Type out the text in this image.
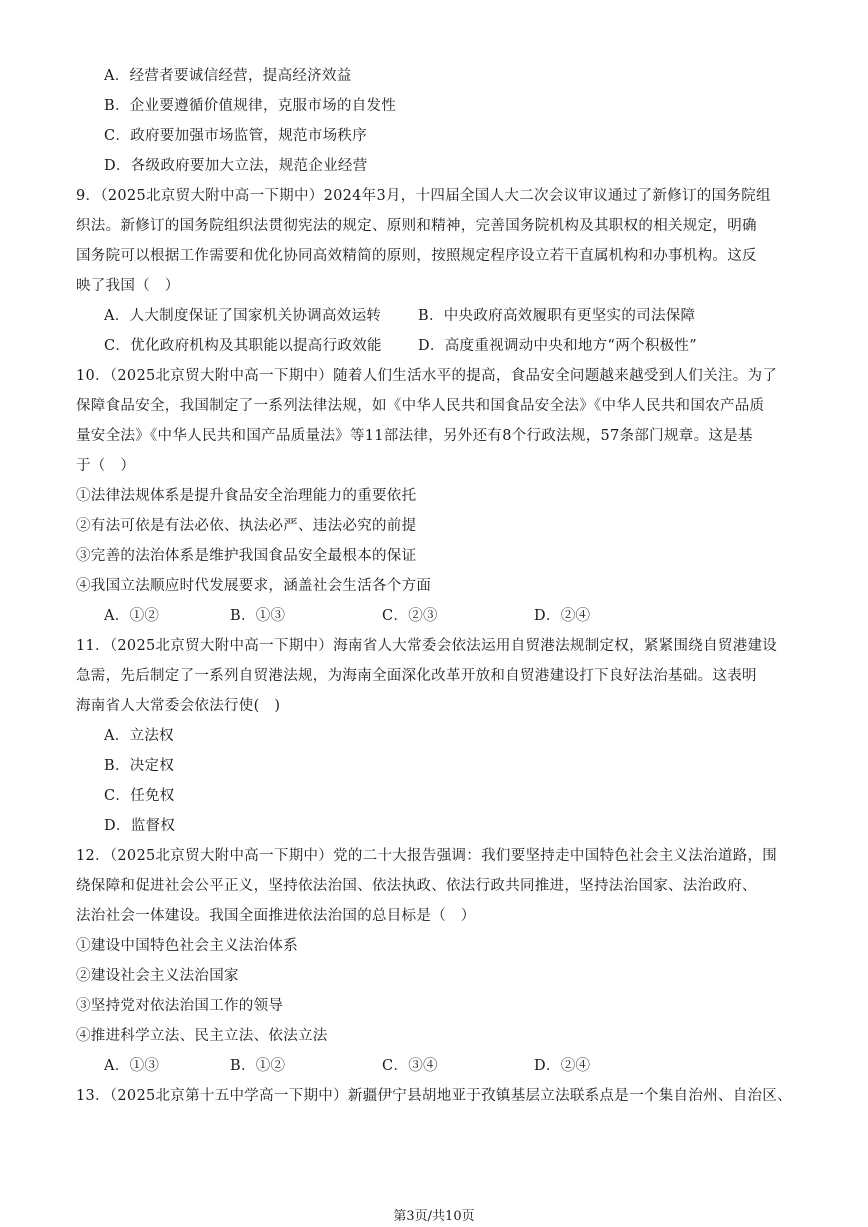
A．经营者要诚信经营，提高经济效益
B．企业要遵循价值规律，克服市场的自发性
C．政府要加强市场监管，规范市场秩序
D．各级政府要加大立法，规范企业经营
9．（2025北京贸大附中高一下期中）2024年3月，十四届全国人大二次会议审议通过了新修订的国务院组
织法。新修订的国务院组织法贯彻宪法的规定、原则和精神，完善国务院机构及其职权的相关规定，明确
国务院可以根据工作需要和优化协同高效精简的原则，按照规定程序设立若干直属机构和办事机构。这反
映了我国（　）
A．人大制度保证了国家机关协调高效运转	B．中央政府高效履职有更坚实的司法保障
C．优化政府机构及其职能以提高行政效能 D．高度重视调动中央和地方“两个积极性”
10．（2025北京贸大附中高一下期中）随着人们生活水平的提高，食品安全问题越来越受到人们关注。为了
保障食品安全，我国制定了一系列法律法规，如《中华人民共和国食品安全法》《中华人民共和国农产品质
量安全法》《中华人民共和国产品质量法》等11部法律，另外还有8个行政法规，57条部门规章。这是基
于（　）
①法律法规体系是提升食品安全治理能力的重要依托
②有法可依是有法必依、执法必严、违法必究的前提
③完善的法治体系是维护我国食品安全最根本的保证
④我国立法顺应时代发展要求，涵盖社会生活各个方面
A．①②	B．①③	C．②③	D．②④
11．（2025北京贸大附中高一下期中）海南省人大常委会依法运用自贸港法规制定权，紧紧围绕自贸港建设
急需，先后制定了一系列自贸港法规，为海南全面深化改革开放和自贸港建设打下良好法治基础。这表明
海南省人大常委会依法行使(　)
A．立法权
B．决定权
C．任免权
D．监督权
12．（2025北京贸大附中高一下期中）党的二十大报告强调：我们要坚持走中国特色社会主义法治道路，围
绕保障和促进社会公平正义，坚持依法治国、依法执政、依法行政共同推进，坚持法治国家、法治政府、
法治社会一体建设。我国全面推进依法治国的总目标是（　）
①建设中国特色社会主义法治体系
②建设社会主义法治国家
③坚持党对依法治国工作的领导
④推进科学立法、民主立法、依法立法
A．①③	B．①②	C．③④	D．②④
13．（2025北京第十五中学高一下期中）新疆伊宁县胡地亚于孜镇基层立法联系点是一个集自治州、自治区、
第3页/共10页
